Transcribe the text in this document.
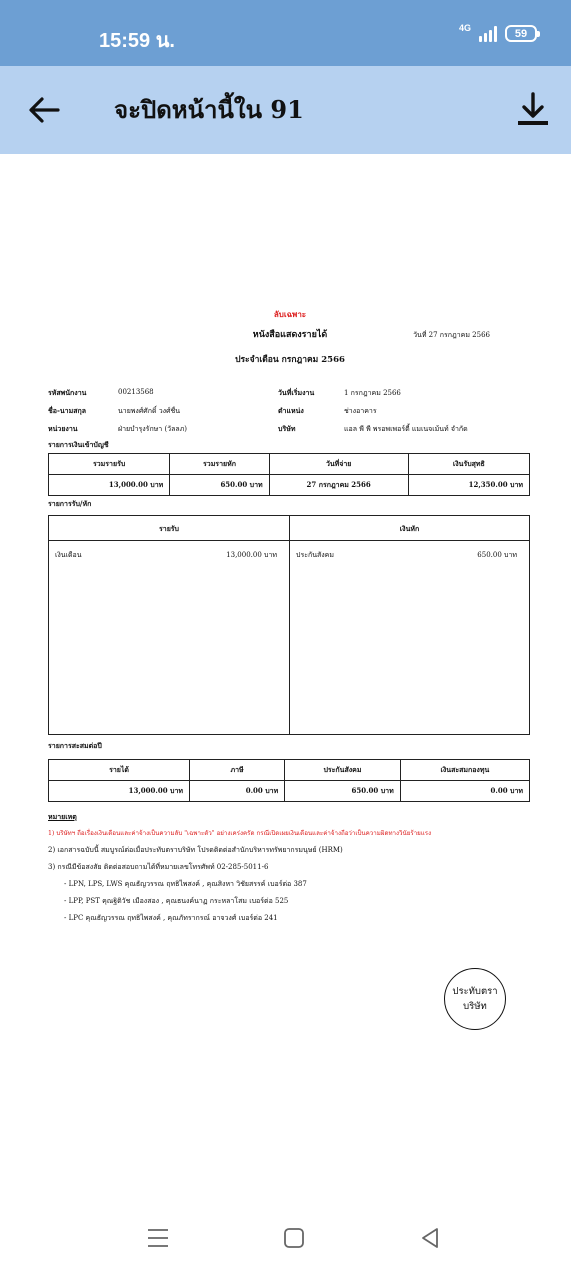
15:59 น.
4G	59
จะปิดหน้านี้ใน 91
ลับเฉพาะ
หนังสือแสดงรายได้	วันที่ 27 กรกฎาคม 2566
ประจำเดือน กรกฎาคม 2566
รหัสพนักงาน	00213568	วันที่เริ่มงาน	1 กรกฎาคม 2566
ชื่อ-นามสกุล	นายพงศ์ศักดิ์ วงศ์ชื่น	ตำแหน่ง	ช่างอาคาร
หน่วยงาน	ฝ่ายบำรุงรักษา (วัลลภ)	บริษัท	แอล พี พี พรอพเพอร์ตี้ แมเนจเม้นท์ จำกัด
รายการเงินเข้าบัญชี
รวมรายรับ	รวมรายหัก	วันที่จ่าย	เงินรับสุทธิ
13,000.00 บาท	650.00 บาท	27 กรกฎาคม 2566	12,350.00 บาท
รายการรับ/หัก
รายรับ
เงินเดือน	13,000.00 บาท
เงินหัก
ประกันสังคม	650.00 บาท
รายการสะสมต่อปี
รายได้	ภาษี	ประกันสังคม	เงินสะสมกองทุน
13,000.00 บาท	0.00 บาท	650.00 บาท	0.00 บาท
หมายเหตุ
1) บริษัทฯ ถือเรื่องเงินเดือนและค่าจ้างเป็นความลับ "เฉพาะตัว" อย่างเคร่งครัด กรณีเปิดเผยเงินเดือนและค่าจ้างถือว่าเป็นความผิดทางวินัยร้ายแรง
2) เอกสารฉบับนี้ สมบูรณ์ต่อเมื่อประทับตราบริษัท โปรดติดต่อสำนักบริหารทรัพยากรมนุษย์ (HRM)
3) กรณีมีข้อสงสัย ติดต่อสอบถามได้ที่หมายเลขโทรศัพท์ 02-285-5011-6
- LPN, LPS, LWS คุณธัญวรรณ ฤทธิไพสงค์ , คุณสิงหา วิชัยสรรค์ เบอร์ต่อ 387
- LPP, PST คุณฐิติวัช เมืองสอง , คุณธนงค์นาฏ กระหลาโสม เบอร์ต่อ 525
- LPC คุณธัญวรรณ ฤทธิไพสงค์ , คุณภัทรากรณ์ อาจวงศ์ เบอร์ต่อ 241
ประทับตรา
บริษัท
